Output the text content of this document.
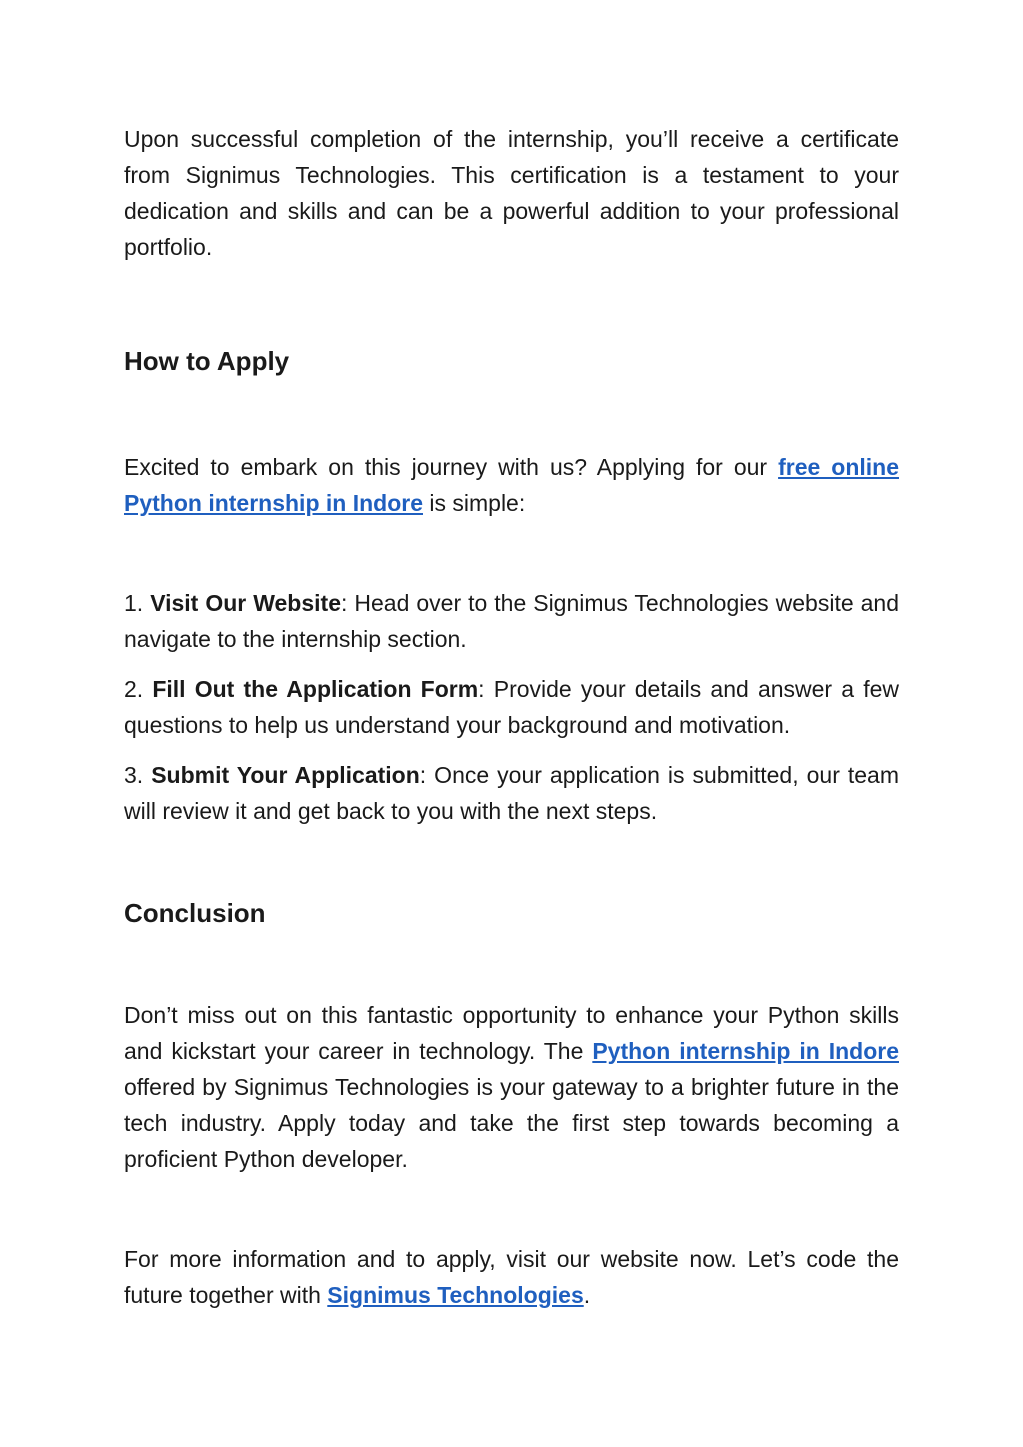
Upon successful completion of the internship, you’ll receive a certificate from Signimus Technologies. This certification is a testament to your dedication and skills and can be a powerful addition to your professional portfolio.

How to Apply

Excited to embark on this journey with us? Applying for our free online Python internship in Indore is simple:

1. Visit Our Website: Head over to the Signimus Technologies website and navigate to the internship section.

2. Fill Out the Application Form: Provide your details and answer a few questions to help us understand your background and motivation.

3. Submit Your Application: Once your application is submitted, our team will review it and get back to you with the next steps.

Conclusion

Don’t miss out on this fantastic opportunity to enhance your Python skills and kickstart your career in technology. The Python internship in Indore offered by Signimus Technologies is your gateway to a brighter future in the tech industry. Apply today and take the first step towards becoming a proficient Python developer.

For more information and to apply, visit our website now. Let’s code the future together with Signimus Technologies.
